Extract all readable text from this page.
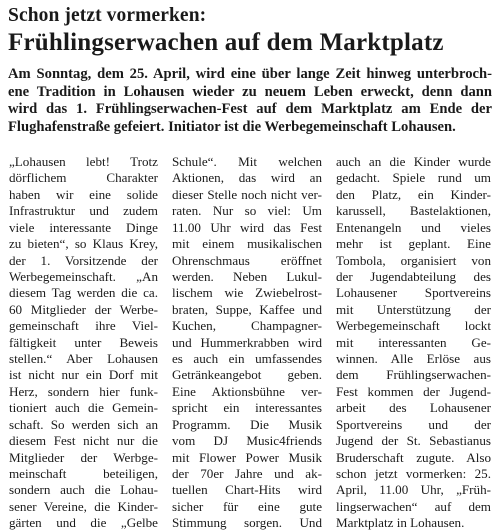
Schon jetzt vormerken:

Frühlingserwachen auf dem Marktplatz
Am Sonntag, dem 25. April, wird eine über lange Zeit hinweg unterbroch-
ene Tradition in Lohausen wieder zu neuem Leben erweckt, denn dann
wird das 1. Frühlingserwachen-Fest auf dem Marktplatz am Ende der
Flughafenstraße gefeiert. Initiator ist die Werbegemeinschaft Lohausen.
„Lohausen lebt! Trotz
dörflichem Charakter
haben wir eine solide
Infrastruktur und zudem
viele interessante Dinge
zu bieten“, so Klaus Krey,
der 1. Vorsitzende der
Werbegemeinschaft. „An
diesem Tag werden die ca.
60 Mitglieder der Werbe-
gemeinschaft ihre Viel-
fältigkeit unter Beweis
stellen.“ Aber Lohausen
ist nicht nur ein Dorf mit
Herz, sondern hier funk-
tioniert auch die Gemein-
schaft. So werden sich an
diesem Fest nicht nur die
Mitglieder der Werbge-
meinschaft beteiligen,
sondern auch die Lohau-
sener Vereine, die Kinder-
gärten und die „Gelbe
Schule“. Mit welchen
Aktionen, das wird an
dieser Stelle noch nicht ver-
raten. Nur so viel: Um
11.00 Uhr wird das Fest
mit einem musikalischen
Ohrenschmaus eröffnet
werden. Neben Lukul-
lischem wie Zwiebelrost-
braten, Suppe, Kaffee und
Kuchen, Champagner-
und Hummerkrabben wird
es auch ein umfassendes
Getränkeangebot geben.
Eine Aktionsbühne ver-
spricht ein interessantes
Programm. Die Musik
vom DJ Music4friends
mit Flower Power Musik
der 70er Jahre und ak-
tuellen Chart-Hits wird
sicher für eine gute
Stimmung sorgen. Und
auch an die Kinder wurde
gedacht. Spiele rund um
den Platz, ein Kinder-
karussell, Bastelaktionen,
Entenangeln und vieles
mehr ist geplant. Eine
Tombola, organisiert von
der Jugendabteilung des
Lohausener Sportvereins
mit Unterstützung der
Werbegemeinschaft lockt
mit interessanten Ge-
winnen. Alle Erlöse aus
dem Frühlingserwachen-
Fest kommen der Jugend-
arbeit des Lohausener
Sportvereins und der
Jugend der St. Sebastianus
Bruderschaft zugute. Also
schon jetzt vormerken: 25.
April, 11.00 Uhr, „Früh-
lingserwachen“ auf dem
Marktplatz in Lohausen.
